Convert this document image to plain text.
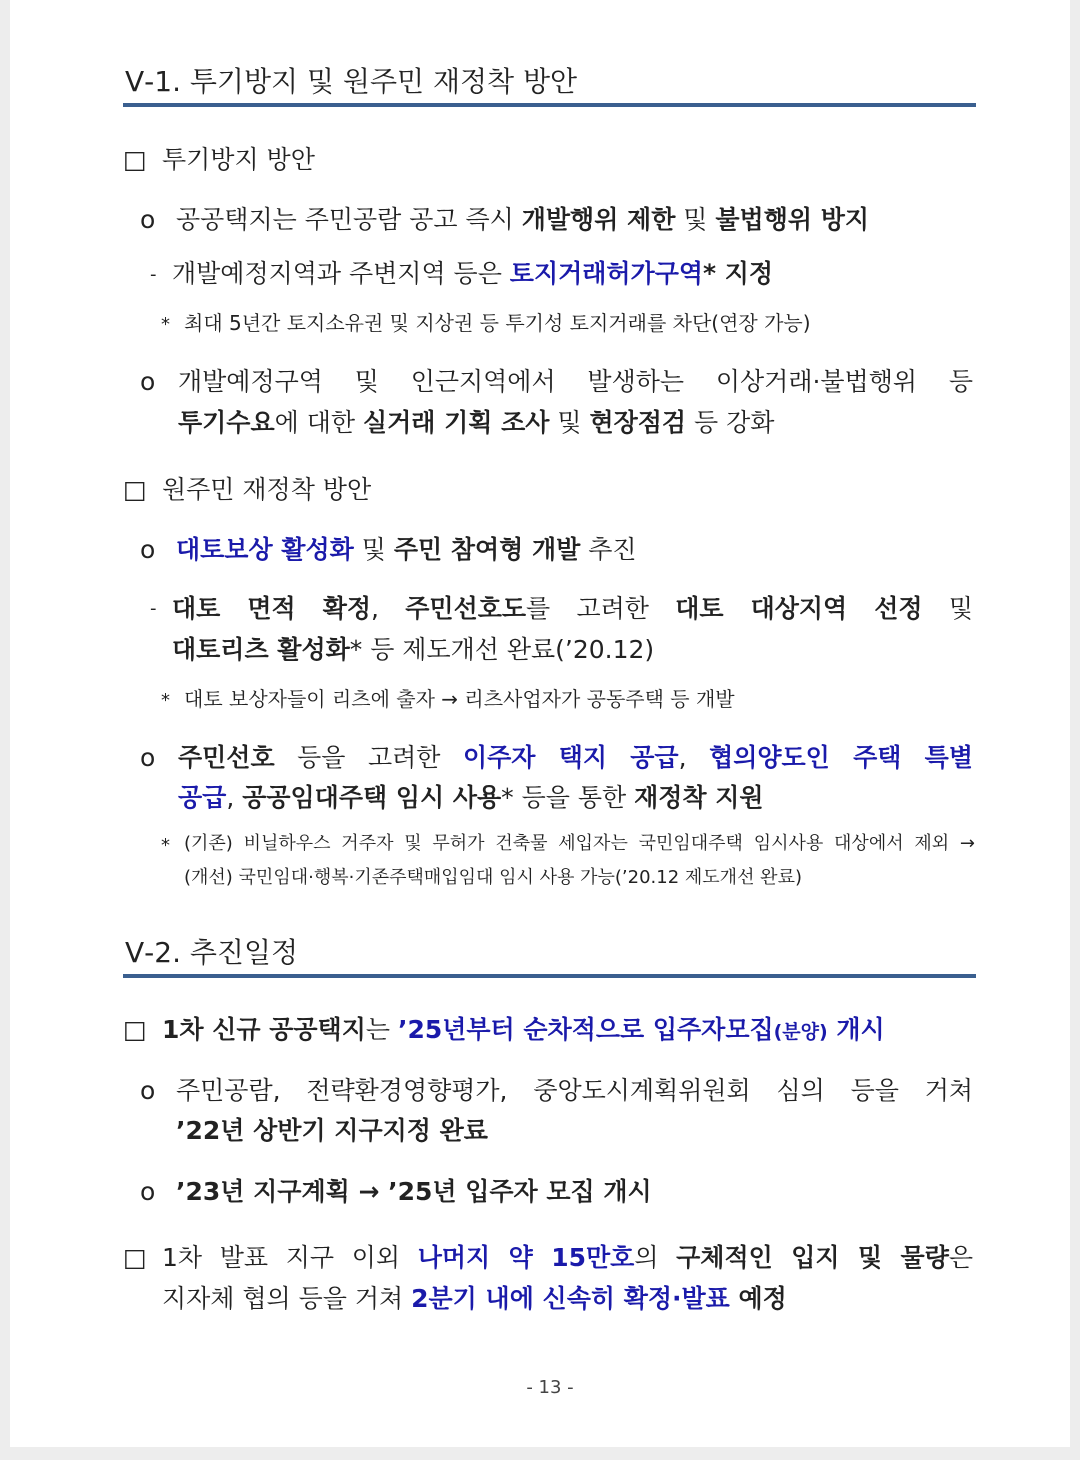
Ⅴ-1. 투기방지 및 원주민 재정착 방안
□ 투기방지 방안
o 공공택지는 주민공람 공고 즉시 개발행위 제한 및 불법행위 방지
- 개발예정지역과 주변지역 등은 토지거래허가구역* 지정
* 최대 5년간 토지소유권 및 지상권 등 투기성 토지거래를 차단(연장 가능)
o 개발예정구역 및 인근지역에서 발생하는 이상거래·불법행위 등
투기수요에 대한 실거래 기획 조사 및 현장점검 등 강화
□ 원주민 재정착 방안
o 대토보상 활성화 및 주민 참여형 개발 추진
- 대토 면적 확정, 주민선호도를 고려한 대토 대상지역 선정 및
대토리츠 활성화* 등 제도개선 완료(’20.12)
* 대토 보상자들이 리츠에 출자 → 리츠사업자가 공동주택 등 개발
o 주민선호 등을 고려한 이주자 택지 공급, 협의양도인 주택 특별
공급, 공공임대주택 임시 사용* 등을 통한 재정착 지원
* (기존) 비닐하우스 거주자 및 무허가 건축물 세입자는 국민임대주택 임시사용 대상에서 제외 →
(개선) 국민임대·행복·기존주택매입임대 임시 사용 가능(’20.12 제도개선 완료)
Ⅴ-2. 추진일정
□ 1차 신규 공공택지는 ’25년부터 순차적으로 입주자모집(분양) 개시
o 주민공람, 전략환경영향평가, 중앙도시계획위원회 심의 등을 거쳐
’22년 상반기 지구지정 완료
o ’23년 지구계획 → ’25년 입주자 모집 개시
□ 1차 발표 지구 이외 나머지 약 15만호의 구체적인 입지 및 물량은
지자체 협의 등을 거쳐 2분기 내에 신속히 확정·발표 예정
- 13 -
